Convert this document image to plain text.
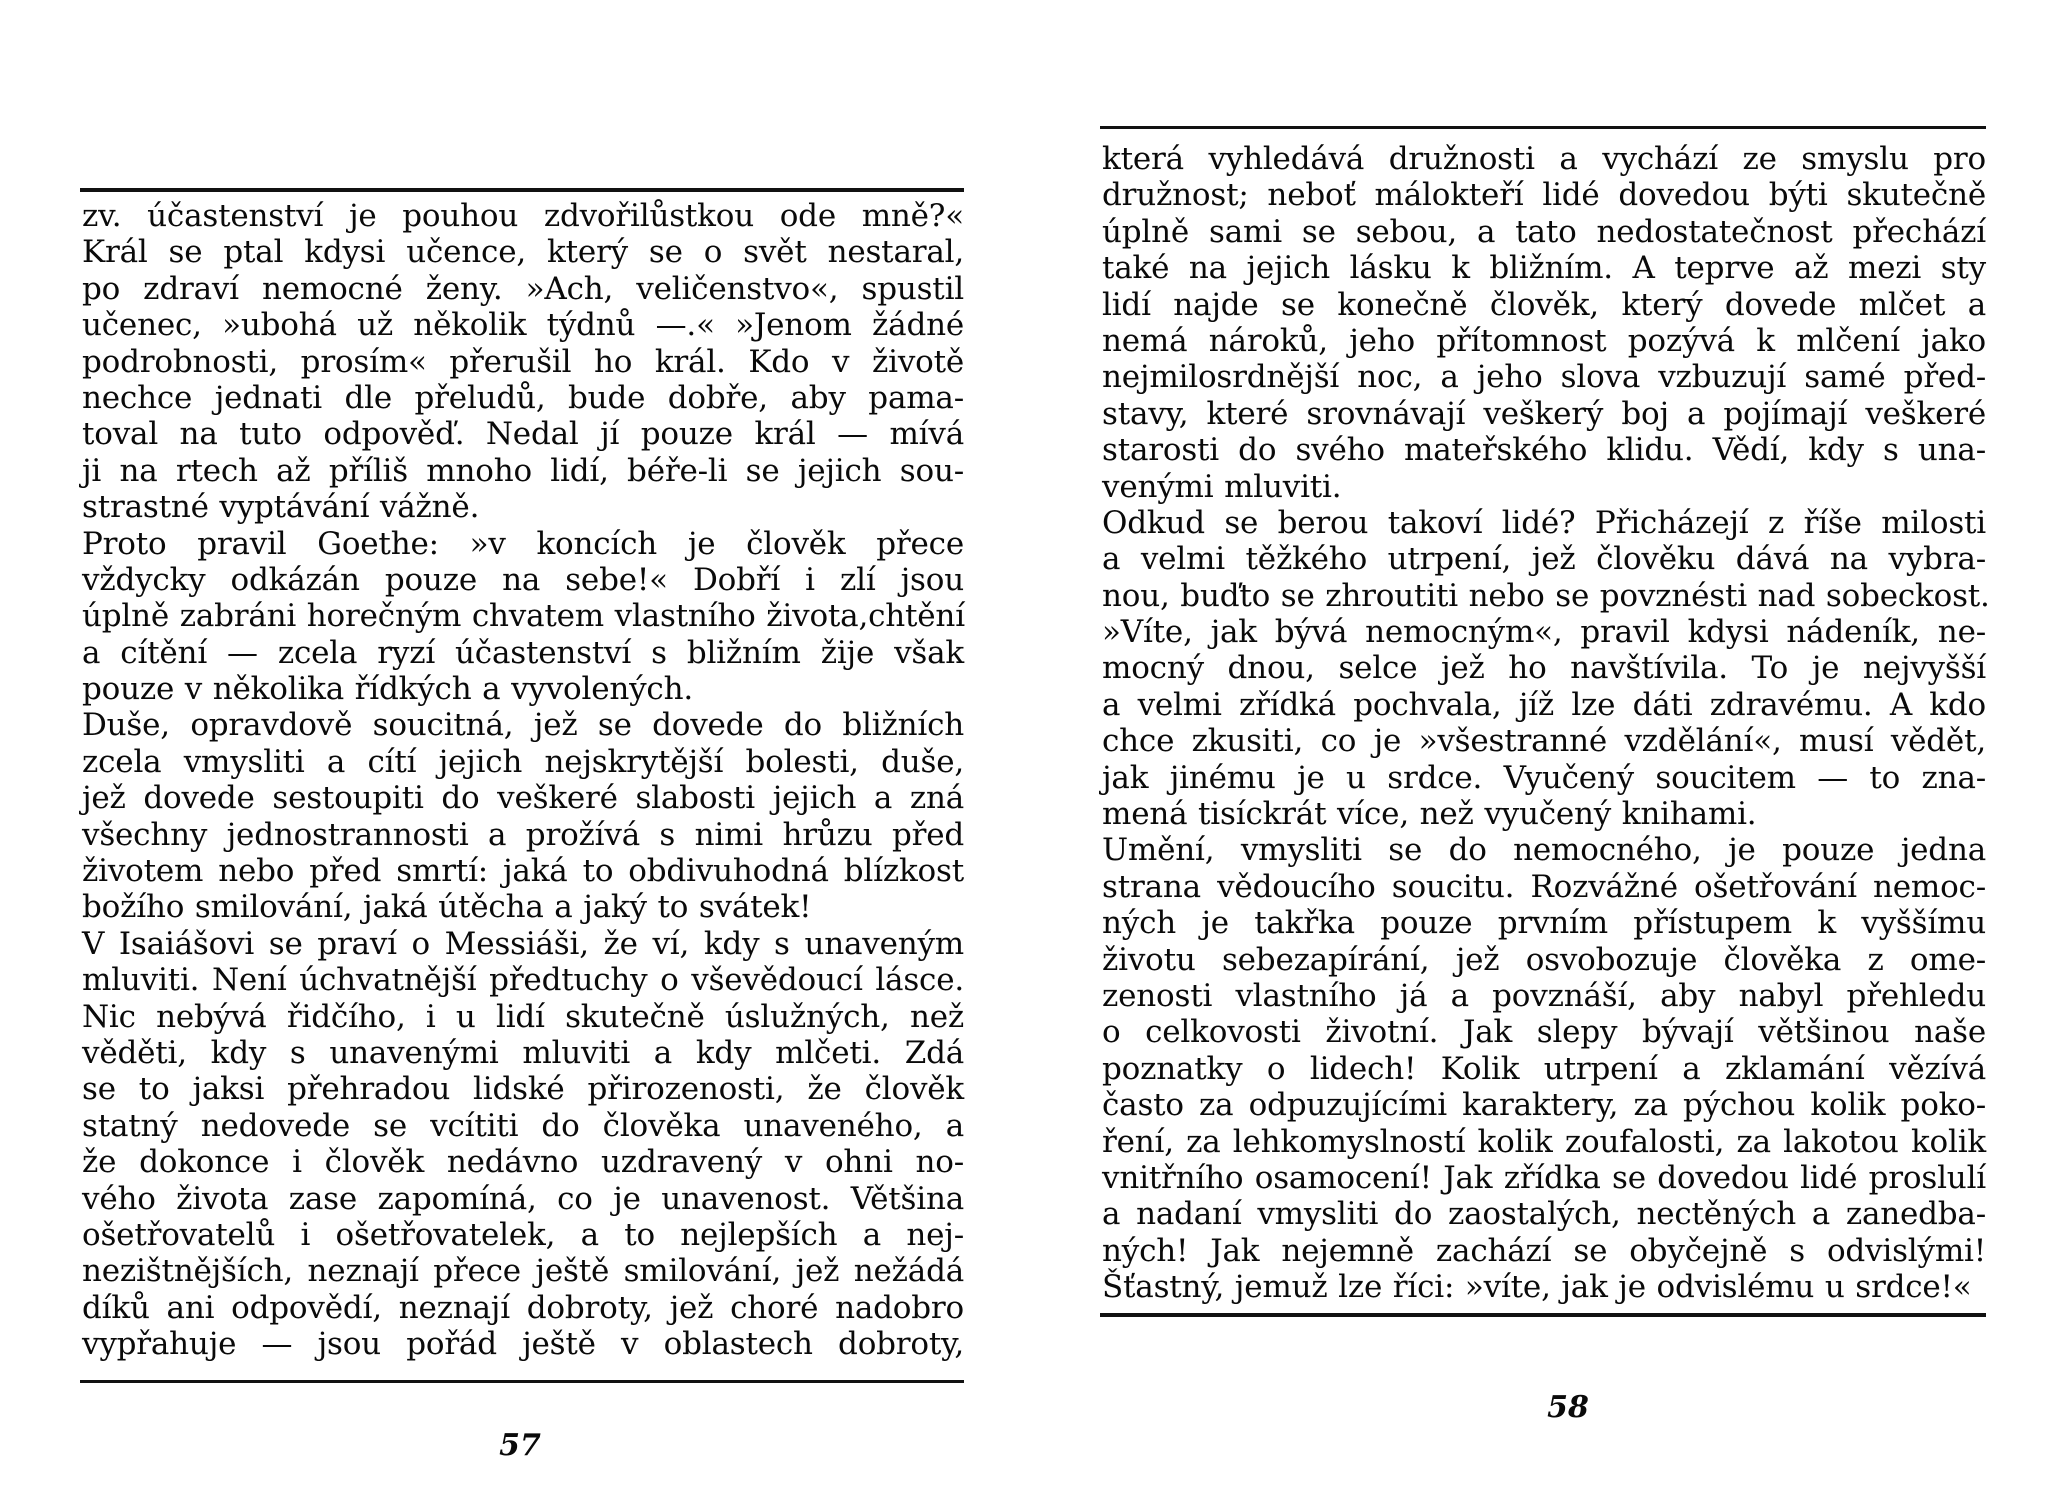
zv. účastenství je pouhou zdvořilůstkou ode mně?«
Král se ptal kdysi učence, který se o svět nestaral,
po zdraví nemocné ženy. »Ach, veličenstvo«, spustil
učenec, »ubohá už několik týdnů —.« »Jenom žádné
podrobnosti, prosím« přerušil ho král. Kdo v životě
nechce jednati dle přeludů, bude dobře, aby pama-
toval na tuto odpověď. Nedal jí pouze král — mívá
ji na rtech až příliš mnoho lidí, béře-li se jejich sou-
strastné vyptávání vážně.
Proto pravil Goethe: »v koncích je člověk přece
vždycky odkázán pouze na sebe!« Dobří i zlí jsou
úplně zabráni horečným chvatem vlastního života,chtění
a cítění — zcela ryzí účastenství s bližním žije však
pouze v několika řídkých a vyvolených.
Duše, opravdově soucitná, jež se dovede do bližních
zcela vmysliti a cítí jejich nejskrytější bolesti, duše,
jež dovede sestoupiti do veškeré slabosti jejich a zná
všechny jednostrannosti a prožívá s nimi hrůzu před
životem nebo před smrtí: jaká to obdivuhodná blízkost
božího smilování, jaká útěcha a jaký to svátek!
V Isaiášovi se praví o Messiáši, že ví, kdy s unaveným
mluviti. Není úchvatnější předtuchy o vševědoucí lásce.
Nic nebývá řidčího, i u lidí skutečně úslužných, než
věděti, kdy s unavenými mluviti a kdy mlčeti. Zdá
se to jaksi přehradou lidské přirozenosti, že člověk
statný nedovede se vcítiti do člověka unaveného, a
že dokonce i člověk nedávno uzdravený v ohni no-
vého života zase zapomíná, co je unavenost. Většina
ošetřovatelů i ošetřovatelek, a to nejlepších a nej-
nezištnějších, neznají přece ještě smilování, jež nežádá
díků ani odpovědí, neznají dobroty, jež choré nadobro
vypřahuje — jsou pořád ještě v oblastech dobroty,

57

která vyhledává družnosti a vychází ze smyslu pro
družnost; neboť málokteří lidé dovedou býti skutečně
úplně sami se sebou, a tato nedostatečnost přechází
také na jejich lásku k bližním. A teprve až mezi sty
lidí najde se konečně člověk, který dovede mlčet a
nemá nároků, jeho přítomnost pozývá k mlčení jako
nejmilosrdnější noc, a jeho slova vzbuzují samé před-
stavy, které srovnávají veškerý boj a pojímají veškeré
starosti do svého mateřského klidu. Vědí, kdy s una-
venými mluviti.
Odkud se berou takoví lidé? Přicházejí z říše milosti
a velmi těžkého utrpení, jež člověku dává na vybra-
nou, buďto se zhroutiti nebo se povznésti nad sobeckost.
»Víte, jak bývá nemocným«, pravil kdysi nádeník, ne-
mocný dnou, selce jež ho navštívila. To je nejvyšší
a velmi zřídká pochvala, jíž lze dáti zdravému. A kdo
chce zkusiti, co je »všestranné vzdělání«, musí vědět,
jak jinému je u srdce. Vyučený soucitem — to zna-
mená tisíckrát více, než vyučený knihami.
Umění, vmysliti se do nemocného, je pouze jedna
strana vědoucího soucitu. Rozvážné ošetřování nemoc-
ných je takřka pouze prvním přístupem k vyššímu
životu sebezapírání, jež osvobozuje člověka z ome-
zenosti vlastního já a povznáší, aby nabyl přehledu
o celkovosti životní. Jak slepy bývají většinou naše
poznatky o lidech! Kolik utrpení a zklamání vězívá
často za odpuzujícími karaktery, za pýchou kolik poko-
ření, za lehkomyslností kolik zoufalosti, za lakotou kolik
vnitřního osamocení! Jak zřídka se dovedou lidé proslulí
a nadaní vmysliti do zaostalých, nectěných a zanedba-
ných! Jak nejemně zachází se obyčejně s odvislými!
Šťastný, jemuž lze říci: »víte, jak je odvislému u srdce!«

58
